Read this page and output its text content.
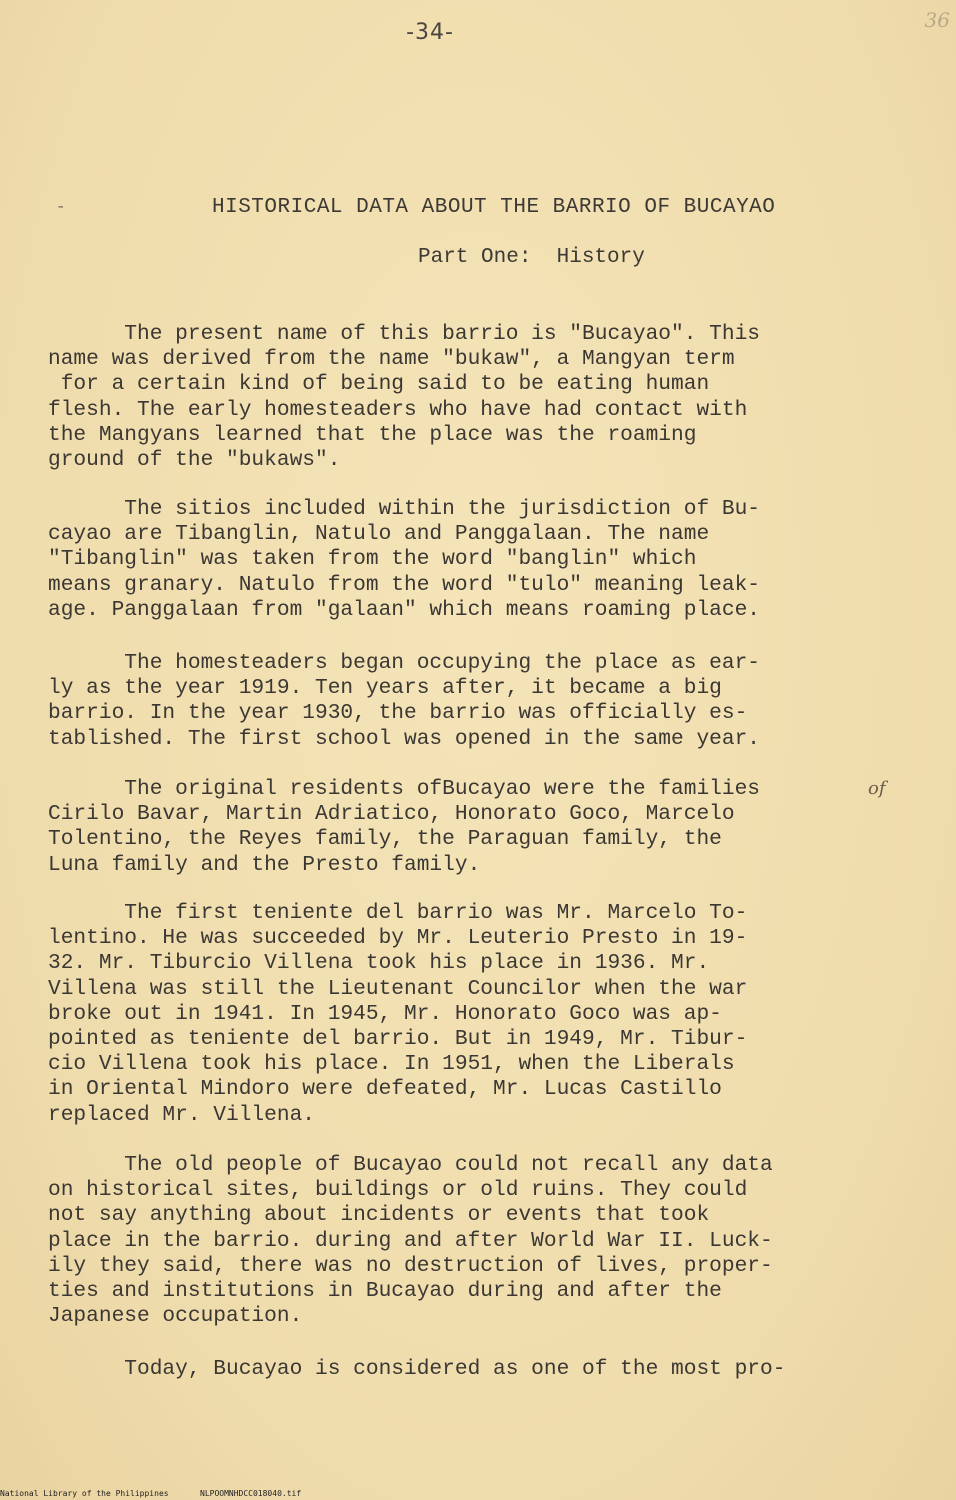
-34-	36
-	HISTORICAL DATA ABOUT THE BARRIO OF BUCAYAO
Part One:  History
The present name of this barrio is "Bucayao". This
name was derived from the name "bukaw", a Mangyan term
for a certain kind of being said to be eating human
flesh. The early homesteaders who have had contact with
the Mangyans learned that the place was the roaming
ground of the "bukaws".
The sitios included within the jurisdiction of Bu-
cayao are Tibanglin, Natulo and Panggalaan. The name
"Tibanglin" was taken from the word "banglin" which
means granary. Natulo from the word "tulo" meaning leak-
age. Panggalaan from "galaan" which means roaming place.
The homesteaders began occupying the place as ear-
ly as the year 1919. Ten years after, it became a big
barrio. In the year 1930, the barrio was officially es-
tablished. The first school was opened in the same year.
The original residents ofBucayao were the families
Cirilo Bavar, Martin Adriatico, Honorato Goco, Marcelo
Tolentino, the Reyes family, the Paraguan family, the
Luna family and the Presto family.
The first teniente del barrio was Mr. Marcelo To-
lentino. He was succeeded by Mr. Leuterio Presto in 19-
32. Mr. Tiburcio Villena took his place in 1936. Mr.
Villena was still the Lieutenant Councilor when the war
broke out in 1941. In 1945, Mr. Honorato Goco was ap-
pointed as teniente del barrio. But in 1949, Mr. Tibur-
cio Villena took his place. In 1951, when the Liberals
in Oriental Mindoro were defeated, Mr. Lucas Castillo
replaced Mr. Villena.
The old people of Bucayao could not recall any data
on historical sites, buildings or old ruins. They could
not say anything about incidents or events that took
place in the barrio. during and after World War II. Luck-
ily they said, there was no destruction of lives, proper-
ties and institutions in Bucayao during and after the
Japanese occupation.
Today, Bucayao is considered as one of the most pro-
of
National Library of the Philippines	NLPOOMNHDCC018040.tif
